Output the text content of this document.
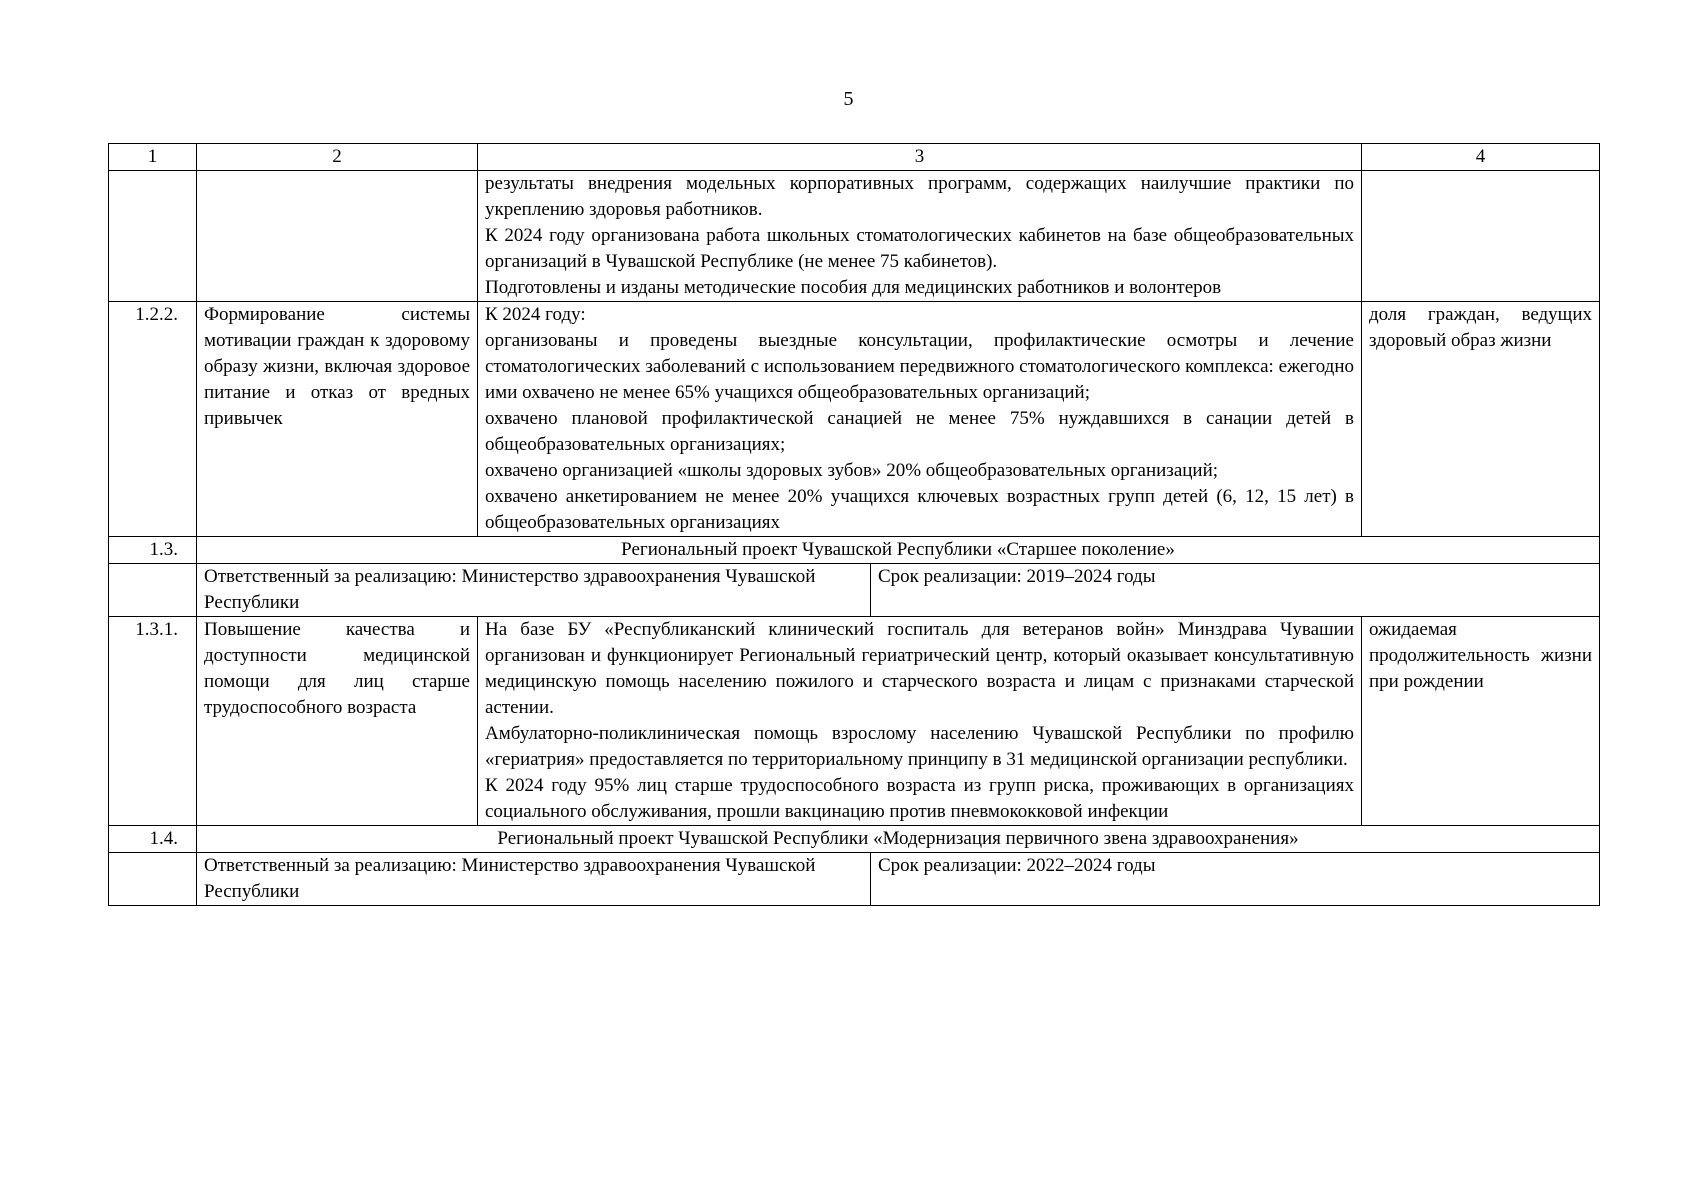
5
1	2	3		4

		результаты внедрения модельных корпоративных программ, содержащих наилучшие практики по укреплению здоровья работников.
К 2024 году организована работа школьных стоматологических кабинетов на базе общеобразовательных организаций в Чувашской Республике (не менее 75 кабинетов).
Подготовлены и изданы методические пособия для медицинских работников и волонтеров		

1.2.2.	Формирование системы мотивации граждан к здоровому образу жизни, включая здоровое питание и отказ от вредных привычек	К 2024 году:
организованы и проведены выездные консультации, профилактические осмотры и лечение стоматологических заболеваний с использованием передвижного стоматологического комплекса: ежегодно ими охвачено не менее 65% учащихся общеобразовательных организаций;
охвачено плановой профилактической санацией не менее 75% нуждавшихся в санации детей в общеобразовательных организациях;
охвачено организацией «школы здоровых зубов» 20% общеобразовательных организаций;
охвачено анкетированием не менее 20% учащихся ключевых возрастных групп детей (6, 12, 15 лет) в общеобразовательных организациях		доля граждан, ведущих здоровый образ жизни
1.3.	Региональный проект Чувашской Республики «Старшее поколение»			
	Ответственный за реализацию: Министерство здравоохранения Чувашской Республики		Срок реализации: 2019–2024 годы	
1.3.1.	Повышение качества и доступности медицинской помощи для лиц старше трудоспособного возраста	На базе БУ «Республиканский клинический госпиталь для ветеранов войн» Минздрава Чувашии организован и функционирует Региональный гериатрический центр, который оказывает консультативную медицинскую помощь населению пожилого и старческого возраста и лицам с признаками старческой астении.
Амбулаторно-поликлиническая помощь взрослому населению Чувашской Республики по профилю «гериатрия» предоставляется по территориальному принципу в 31 медицинской организации республики.
К 2024 году 95% лиц старше трудоспособного возраста из групп риска, проживающих в организациях социального обслуживания, прошли вакцинацию против пневмококковой инфекции		ожидаемая продолжительность жизни при рождении
1.4.	Региональный проект Чувашской Республики «Модернизация первичного звена здравоохранения»			
	Ответственный за реализацию: Министерство здравоохранения Чувашской Республики		Срок реализации: 2022–2024 годы	
